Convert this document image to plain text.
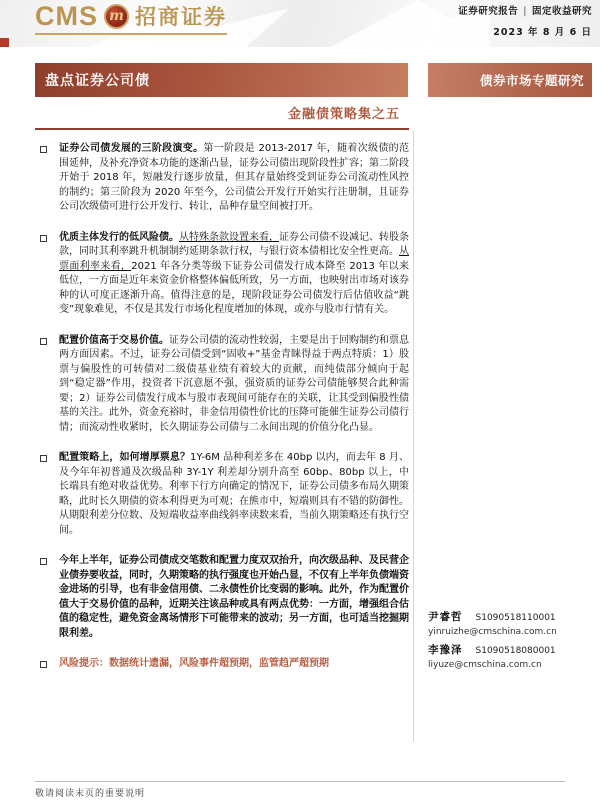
CMS m 招商证券	证券研究报告 | 固定收益研究
2023 年 8 月 6 日
盘点证券公司债	债券市场专题研究
金融债策略集之五
证券公司债发展的三阶段演变。第一阶段是 2013-2017 年，随着次级债的范围延伸，及补充净资本功能的逐渐凸显，证券公司债出现阶段性扩容；第二阶段开始于 2018 年，短融发行逐步放量，但其存量始终受到证券公司流动性风控的制约；第三阶段为 2020 年至今，公司债公开发行开始实行注册制，且证券公司次级债可进行公开发行、转让，品种存量空间被打开。
优质主体发行的低风险债。从特殊条款设置来看，证券公司债不设减记、转股条款，同时其利率跳升机制制约延期条款行权，与银行资本债相比安全性更高。从票面利率来看，2021 年各分类等级下证券公司债发行成本降至 2013 年以来低位，一方面是近年来资金价格整体偏低所致，另一方面，也映射出市场对该券种的认可度正逐渐升高。值得注意的是，现阶段证券公司债发行后估值收益“跳变”现象难见，不仅是其发行市场化程度增加的体现，或亦与股市行情有关。
配置价值高于交易价值。证券公司债的流动性较弱，主要是出于回购制约和票息两方面因素。不过，证券公司债受到“固收+”基金青睐得益于两点特质：1）股票与偏股性的可转债对二级债基业绩有着较大的贡献，而纯债部分倾向于起到“稳定器”作用，投资者下沉意愿不强，强资质的证券公司债能够契合此种需要；2）证券公司债发行成本与股市表现间可能存在的关联，让其受到偏股性债基的关注。此外，资金充裕时，非金信用债性价比的压降可能催生证券公司债行情；而流动性收紧时，长久期证券公司债与二永间出现的价值分化凸显。
配置策略上，如何增厚票息？1Y-6M 品种利差多在 40bp 以内，而去年 8 月、及今年年初普通及次级品种 3Y-1Y 利差却分别升高至 60bp、80bp 以上，中长端具有绝对收益优势。利率下行方向确定的情况下，证券公司债多布局久期策略，此时长久期债的资本利得更为可观；在熊市中，短端则具有不错的防御性。从期限利差分位数、及短端收益率曲线斜率读数来看，当前久期策略还有执行空间。
今年上半年，证券公司债成交笔数和配置力度双双抬升，向次级品种、及民营企业债券要收益，同时，久期策略的执行强度也开始凸显，不仅有上半年负债端资金进场的引导，也有非金信用债、二永债性价比变弱的影响。此外，作为配置价值大于交易价值的品种，近期关注该品种或具有两点优势：一方面，增强组合估值的稳定性，避免资金离场情形下可能带来的波动；另一方面，也可适当挖掘期限利差。
风险提示：数据统计遗漏，风险事件超预期，监管趋严超预期
尹睿哲 S1090518110001
yinruizhe@cmschina.com.cn
李豫泽 S1090518080001
liyuze@cmschina.com.cn
敬请阅读末页的重要说明
